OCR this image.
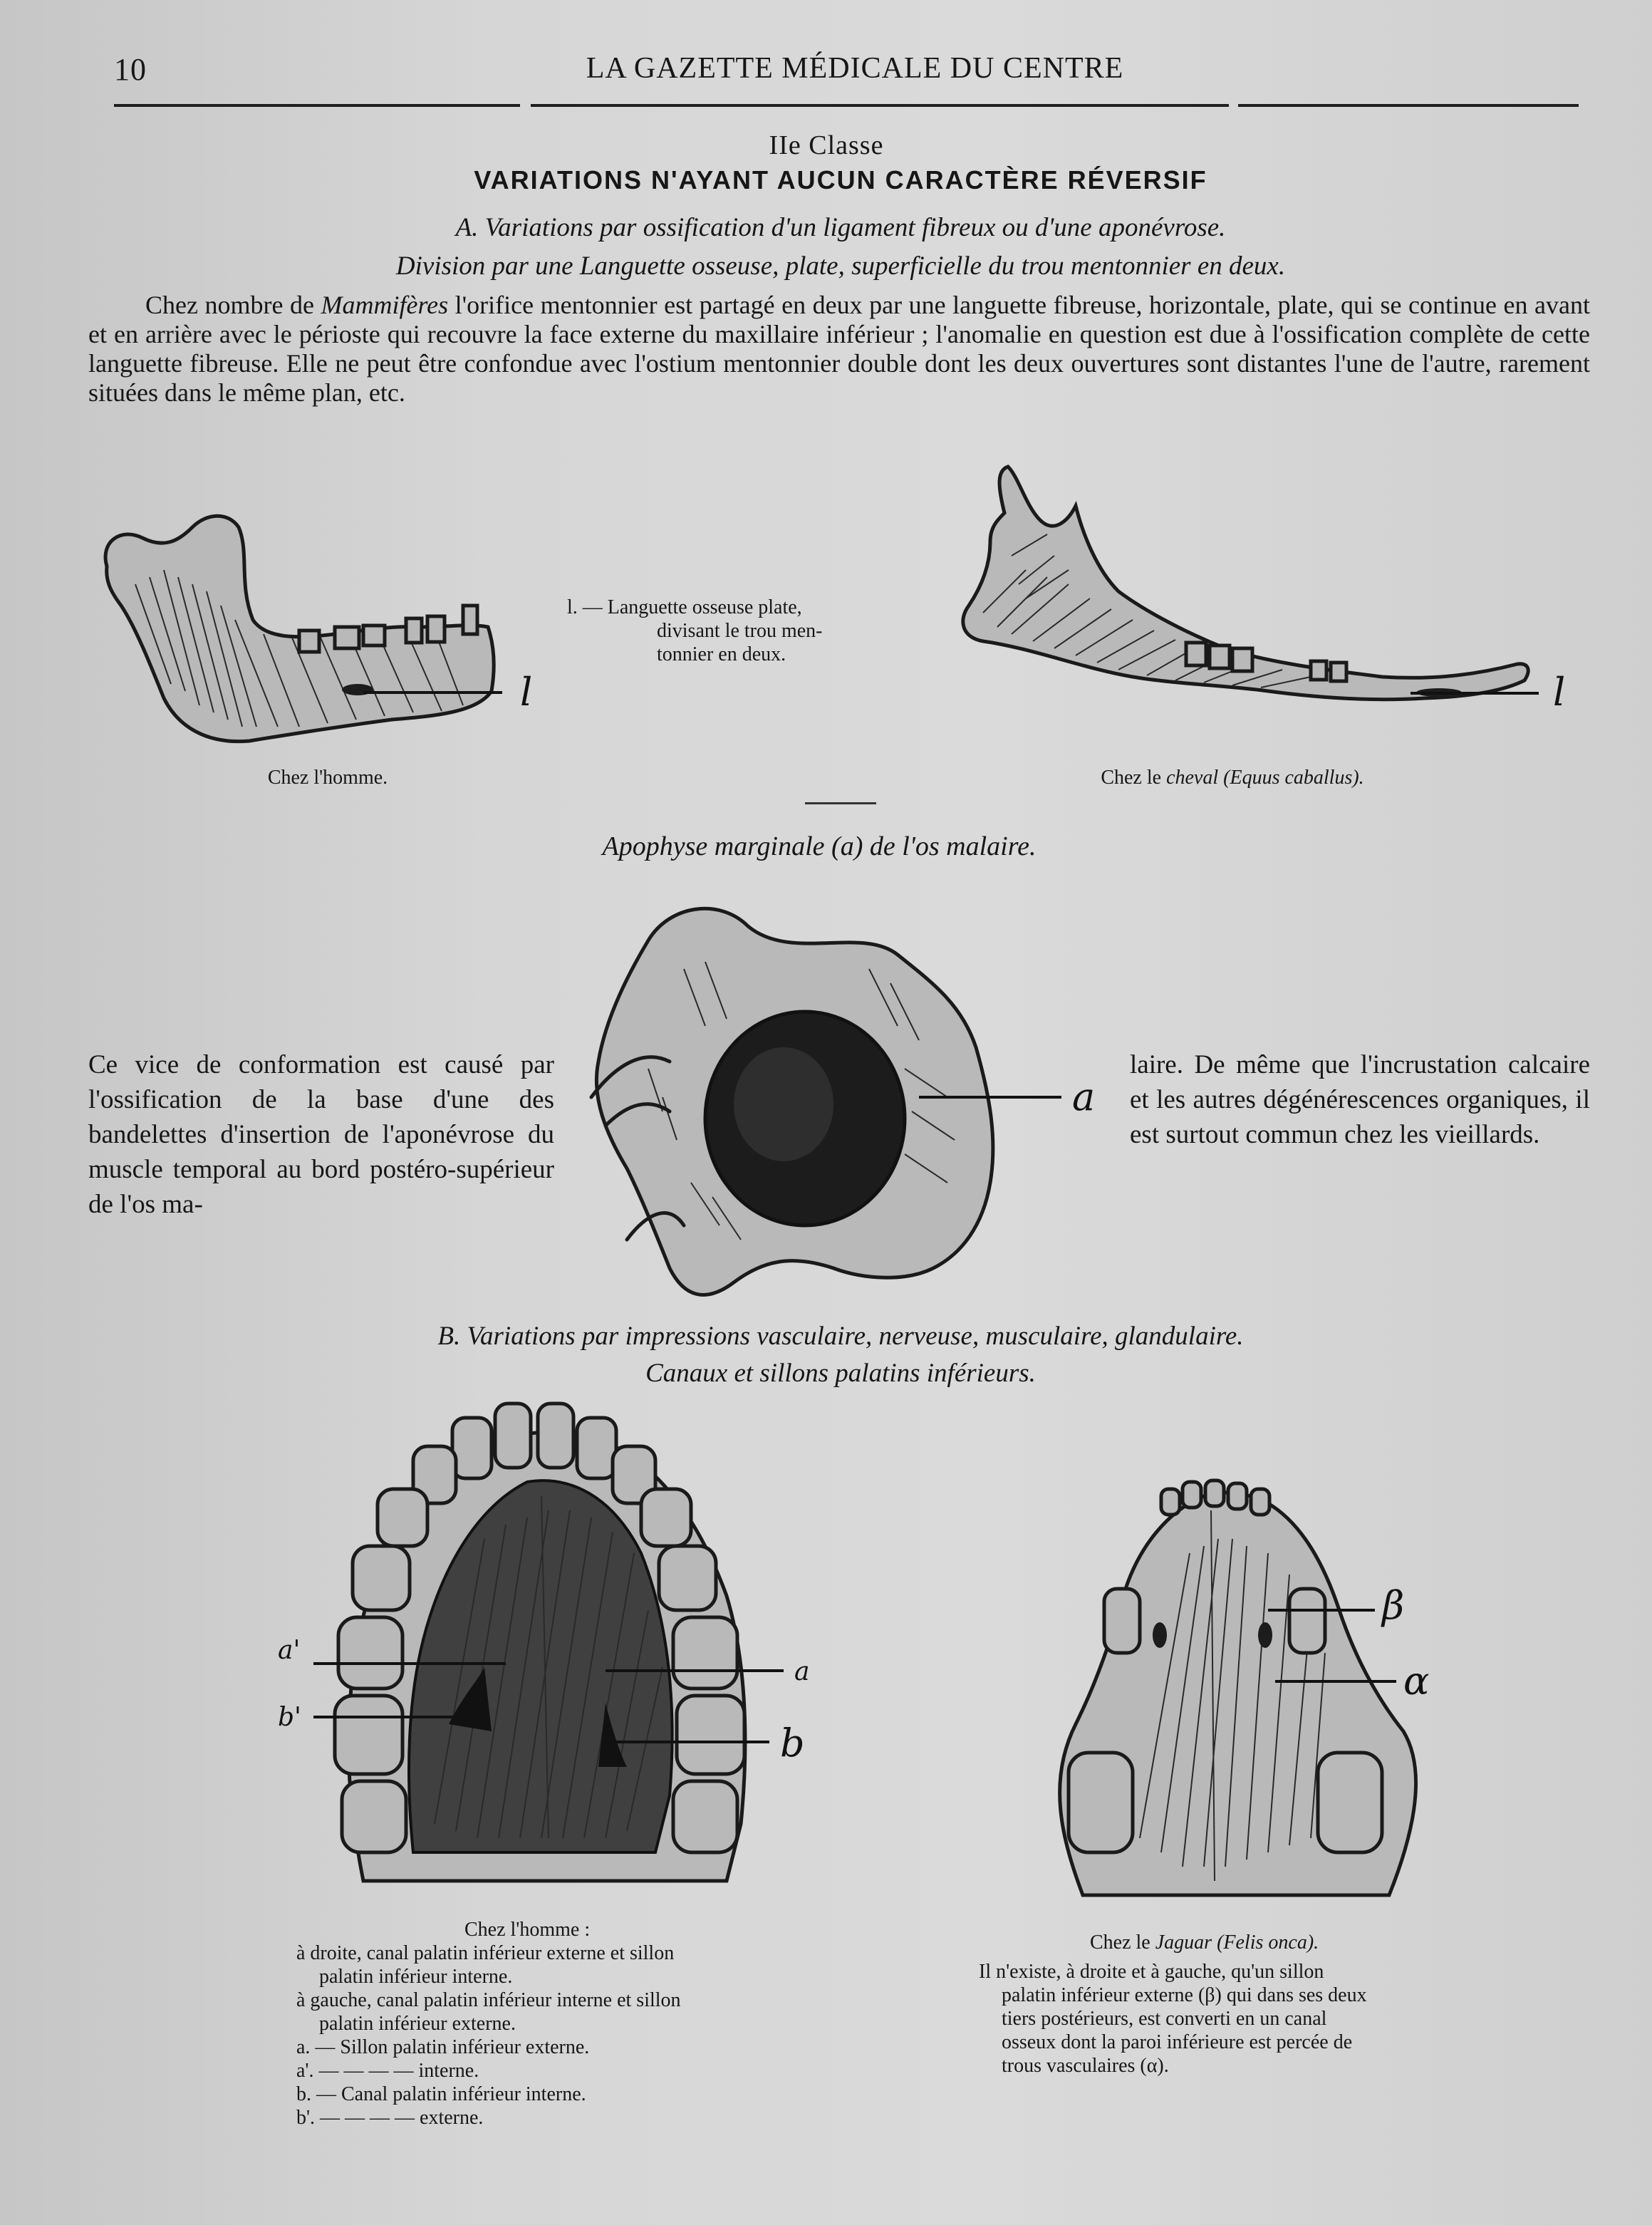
10	LA GAZETTE MÉDICALE DU CENTRE
IIe Classe
VARIATIONS N'AYANT AUCUN CARACTÈRE RÉVERSIF
A. Variations par ossification d'un ligament fibreux ou d'une aponévrose.
Division par une Languette osseuse, plate, superficielle du trou mentonnier en deux.
Chez nombre de Mammifères l'orifice mentonnier est partagé en deux par une languette fibreuse, horizontale, plate, qui se continue en avant et en arrière avec le périoste qui recouvre la face externe du maxillaire inférieur ; l'anomalie en question est due à l'ossification complète de cette languette fibreuse. Elle ne peut être confondue avec l'ostium mentonnier double dont les deux ouvertures sont distantes l'une de l'autre, rarement situées dans le même plan, etc.
l
l. — Languette osseuse plate,
divisant le trou men-
tonnier en deux.
l
Chez l'homme.	Chez le cheval (Equus caballus).
Apophyse marginale (a) de l'os malaire.
a
Ce vice de conformation est causé par l'ossification de la base d'une des bandelettes d'insertion de l'aponévrose du muscle temporal au bord postéro-supérieur de l'os ma-
laire. De même que l'incrustation calcaire et les autres dégénérescences organiques, il est surtout commun chez les vieillards.
B. Variations par impressions vasculaire, nerveuse, musculaire, glandulaire.
Canaux et sillons palatins inférieurs.
a'
b'
a
b
β
α
Chez l'homme :
à droite, canal palatin inférieur externe et sillon
palatin inférieur interne.
à gauche, canal palatin inférieur interne et sillon
palatin inférieur externe.
a. — Sillon palatin inférieur externe.
a'. — — — — interne.
b. — Canal palatin inférieur interne.
b'. — — — — externe.
Chez le Jaguar (Felis onca).
Il n'existe, à droite et à gauche, qu'un sillon
palatin inférieur externe (β) qui dans ses deux
tiers postérieurs, est converti en un canal
osseux dont la paroi inférieure est percée de
trous vasculaires (α).
